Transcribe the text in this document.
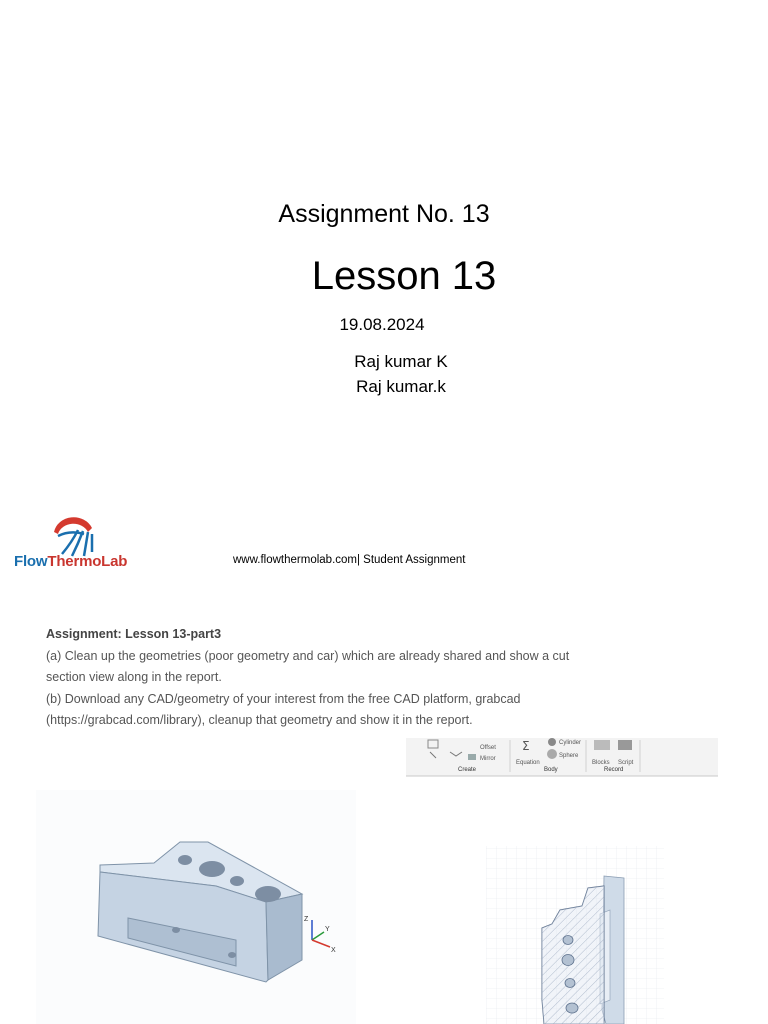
Assignment No. 13
Lesson 13
19.08.2024
Raj kumar K
Raj kumar.k
FlowThermoLab	www.flowthermolab.com| Student Assignment
Assignment: Lesson 13-part3
(a) Clean up the geometries (poor geometry and car) which are already shared and show a cut
section view along in the report.
(b) Download any CAD/geometry of your interest from the free CAD platform, grabcad
(https://grabcad.com/library), cleanup that geometry and show it in the report.
Z
Y
X
Offset
Mirror
Create
Σ
Equation
Cylinder
Sphere
Body
Blocks Script
Record
